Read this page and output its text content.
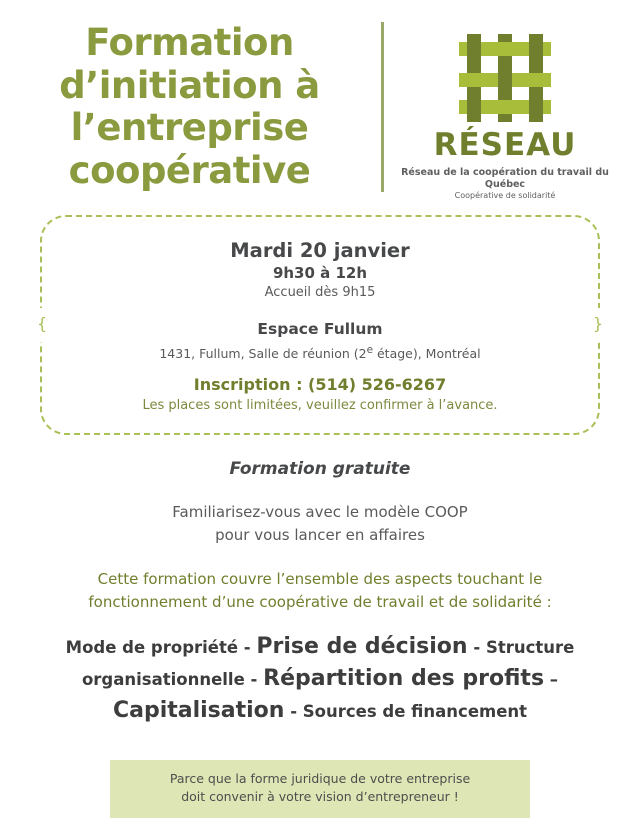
Formation
d’initiation à
l’entreprise
coopérative
RÉSEAU
Réseau de la coopération du travail du Québec
Coopérative de solidarité
Mardi 20 janvier
9h30 à 12h
Accueil dès 9h15
Espace Fullum
1431, Fullum, Salle de réunion (2e étage), Montréal
Inscription : (514) 526-6267
Les places sont limitées, veuillez confirmer à l’avance.
{	}
Formation gratuite
Familiarisez-vous avec le modèle COOP
pour vous lancer en affaires
Cette formation couvre l’ensemble des aspects touchant le
fonctionnement d’une coopérative de travail et de solidarité :
Mode de propriété - Prise de décision - Structure
organisationnelle - Répartition des profits –
Capitalisation - Sources de financement
Parce que la forme juridique de votre entreprise
doit convenir à votre vision d’entrepreneur !
